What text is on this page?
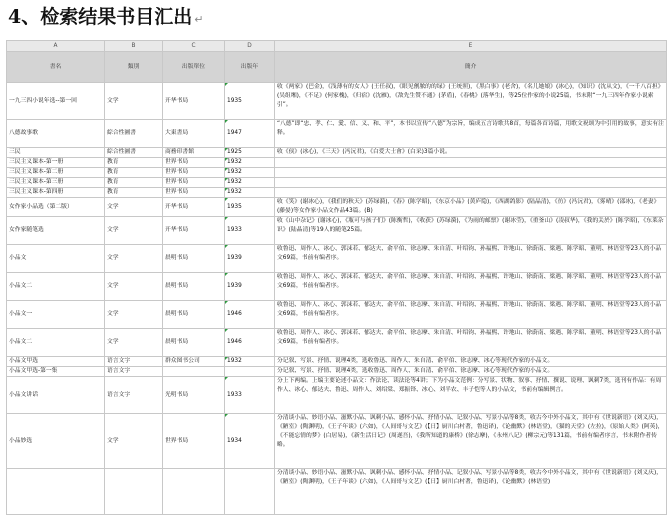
4、检索结果书目汇出 ↵
A	B	C	D	E
書名	類別	出版單位	出版年	簡介
一九三四小说年选--第一回	文学	开华书局	1935	收《两家》(巴金)，《浅薄有的女人》(王任叔)，《眼见劊脓的的绿》(王统照)，《黑白事》(老舍)，《名儿她娘》(冰心)，《知识》(沈从文)，《一千八百担》(吴组缃)，《不足》(何家槐)，《归宿》(沈雁)，《敌先生赞不通》(茅盾)，《春桃》(落华生)，等25位作家的小说25篇，书末附“一九三四年作家小说索引”。
八德故事歌	綜合性圖書	大東書局	1947	“八德”即“忠、孝、仁、愛、信、义、和、平”，本书以宣传“八德”为宗旨，编成五言诗歌共8首，每篇各首诗篇，用歌文祝颂为中引用的故事，意实有注释。
三民	綜合性圖書	商務印書館	1925	收《侯》(冰心)，《三天》(冯沅君)，《白爱大士會》(白采)3篇小说。
三民主义课本-第一册	教育	世界书局	1932	
三民主义课本-第二册	教育	世界书局	1932	
三民主义课本-第三册	教育	世界书局	1932	
三民主义课本-第四册	教育	世界书局	1932	
女作家小品选（第二版）	文学	开华书局	1935	收《笑》(谢冰心)，《我们的秋天》(苏绿漪)，《春》(陈学昭)，《东京小品》(黄庐隐)，《西湖鸽影》(陆晶清)，《彷》(冯沅君)，《雾晴》(邵冰)，《老妻》(藤晏)等女作家小品文作品43篇。(B)
女作家随笔选	文学	开华书局	1933	收《山中杂记》(谢冰心)，《瓶可与孩子们》(陈衡哲)，《收获》(苏绿漪)，《为雨的邮票》(谢冰莹)，《重釜山》(凌叔华)，《我的关於》(陈学昭)，《东莱杂识》(陆晶清)等19人的随笔25篇。
小品文	文学	晨明书局	1939	收鲁迅、周作人、冰心、郭沫若、郁达夫、俞平伯、徐志摩、朱自清、叶绍钧、孙福熙、许地山、徐蔚南、梁遇、陈学昭、董明、林语堂等23人的小品文69篇，书前有编者序。
小品文二	文学	晨明书局	1939	收鲁迅、周作人、冰心、郭沫若、郁达夫、俞平伯、徐志摩、朱自清、叶绍钧、孙福熙、许地山、徐蔚南、梁遇、陈学昭、董明、林语堂等23人的小品文69篇，书前有编者序。
小品文一	文学	晨明书局	1946	收鲁迅、周作人、冰心、郭沫若、郁达夫、俞平伯、徐志摩、朱自清、叶绍钧、孙福熙、许地山、徐蔚南、梁遇、陈学昭、董明、林语堂等23人的小品文69篇，书前有编者序。
小品文二	文学	晨明书局	1946	收鲁迅、周作人、冰心、郭沫若、郁达夫、俞平伯、徐志摩、朱自清、叶绍钧、孙福熙、许地山、徐蔚南、梁遇、陈学昭、董明、林语堂等23人的小品文69篇，书前有编者序。
小品文甲选	语言文字	群众图书公司	1932	分记叙、写景、抒情、说理4类，选收鲁迅、周作人、朱自清、俞平伯、徐志摩、冰心等现代作家的小品文。
小品文甲选-第一集	语言文字			分记叙、写景、抒情、说理4类，选收鲁迅、周作人、朱自清、俞平伯、徐志摩、冰心等现代作家的小品文。
小品文讲话	语言文字	光明书局	1933	分上下两编。上编主要论述小品文：作法论、读法论等4讲；下为小品文范例：分写景、状物、叙事、抒情、撰说、说理、讽刺7类，选刊有作品：有周作人、冰心、郁达夫、鲁迅、周作人、刘绍棠、郑振铎、冰心、刘半农、丰子恺等人的小品文，书前有编辑例言。
小品妙选	文学	世界书局	1934	分清谈小品、妙语小品、滋默小品、讽刺小品、感怀小品、抒情小品、记叙小品、写景小品等8类，收古今中外小品文，其中有《世说新语》(刘义庆)，《陋室》(陶渊明)，《王子年谈》(六如)，《人间哥与文艺》(【日】厨川白村著，鲁迅译)，《论幽默》(林语堂)，《猫的天堂》(左拉)，《原始人类》(阿英)，《不能忘情的梦》(白居易)，《新生活日记》(周遂吾)，《我所知道的康桥》(徐志摩)，《永州八记》(柳宗元)等131篇，书前有编者序言，书末附作者传略。
				分清谈小品、妙语小品、滋默小品、讽刺小品、感怀小品、抒情小品、记叙小品、写景小品等8类，收古今中外小品文，其中有《世说新语》(刘义庆)，《陋室》(陶渊明)，《王子年谈》(六如)，《人间哥与文艺》(【日】厨川白村著，鲁迅译)，《论幽默》(林语堂)
